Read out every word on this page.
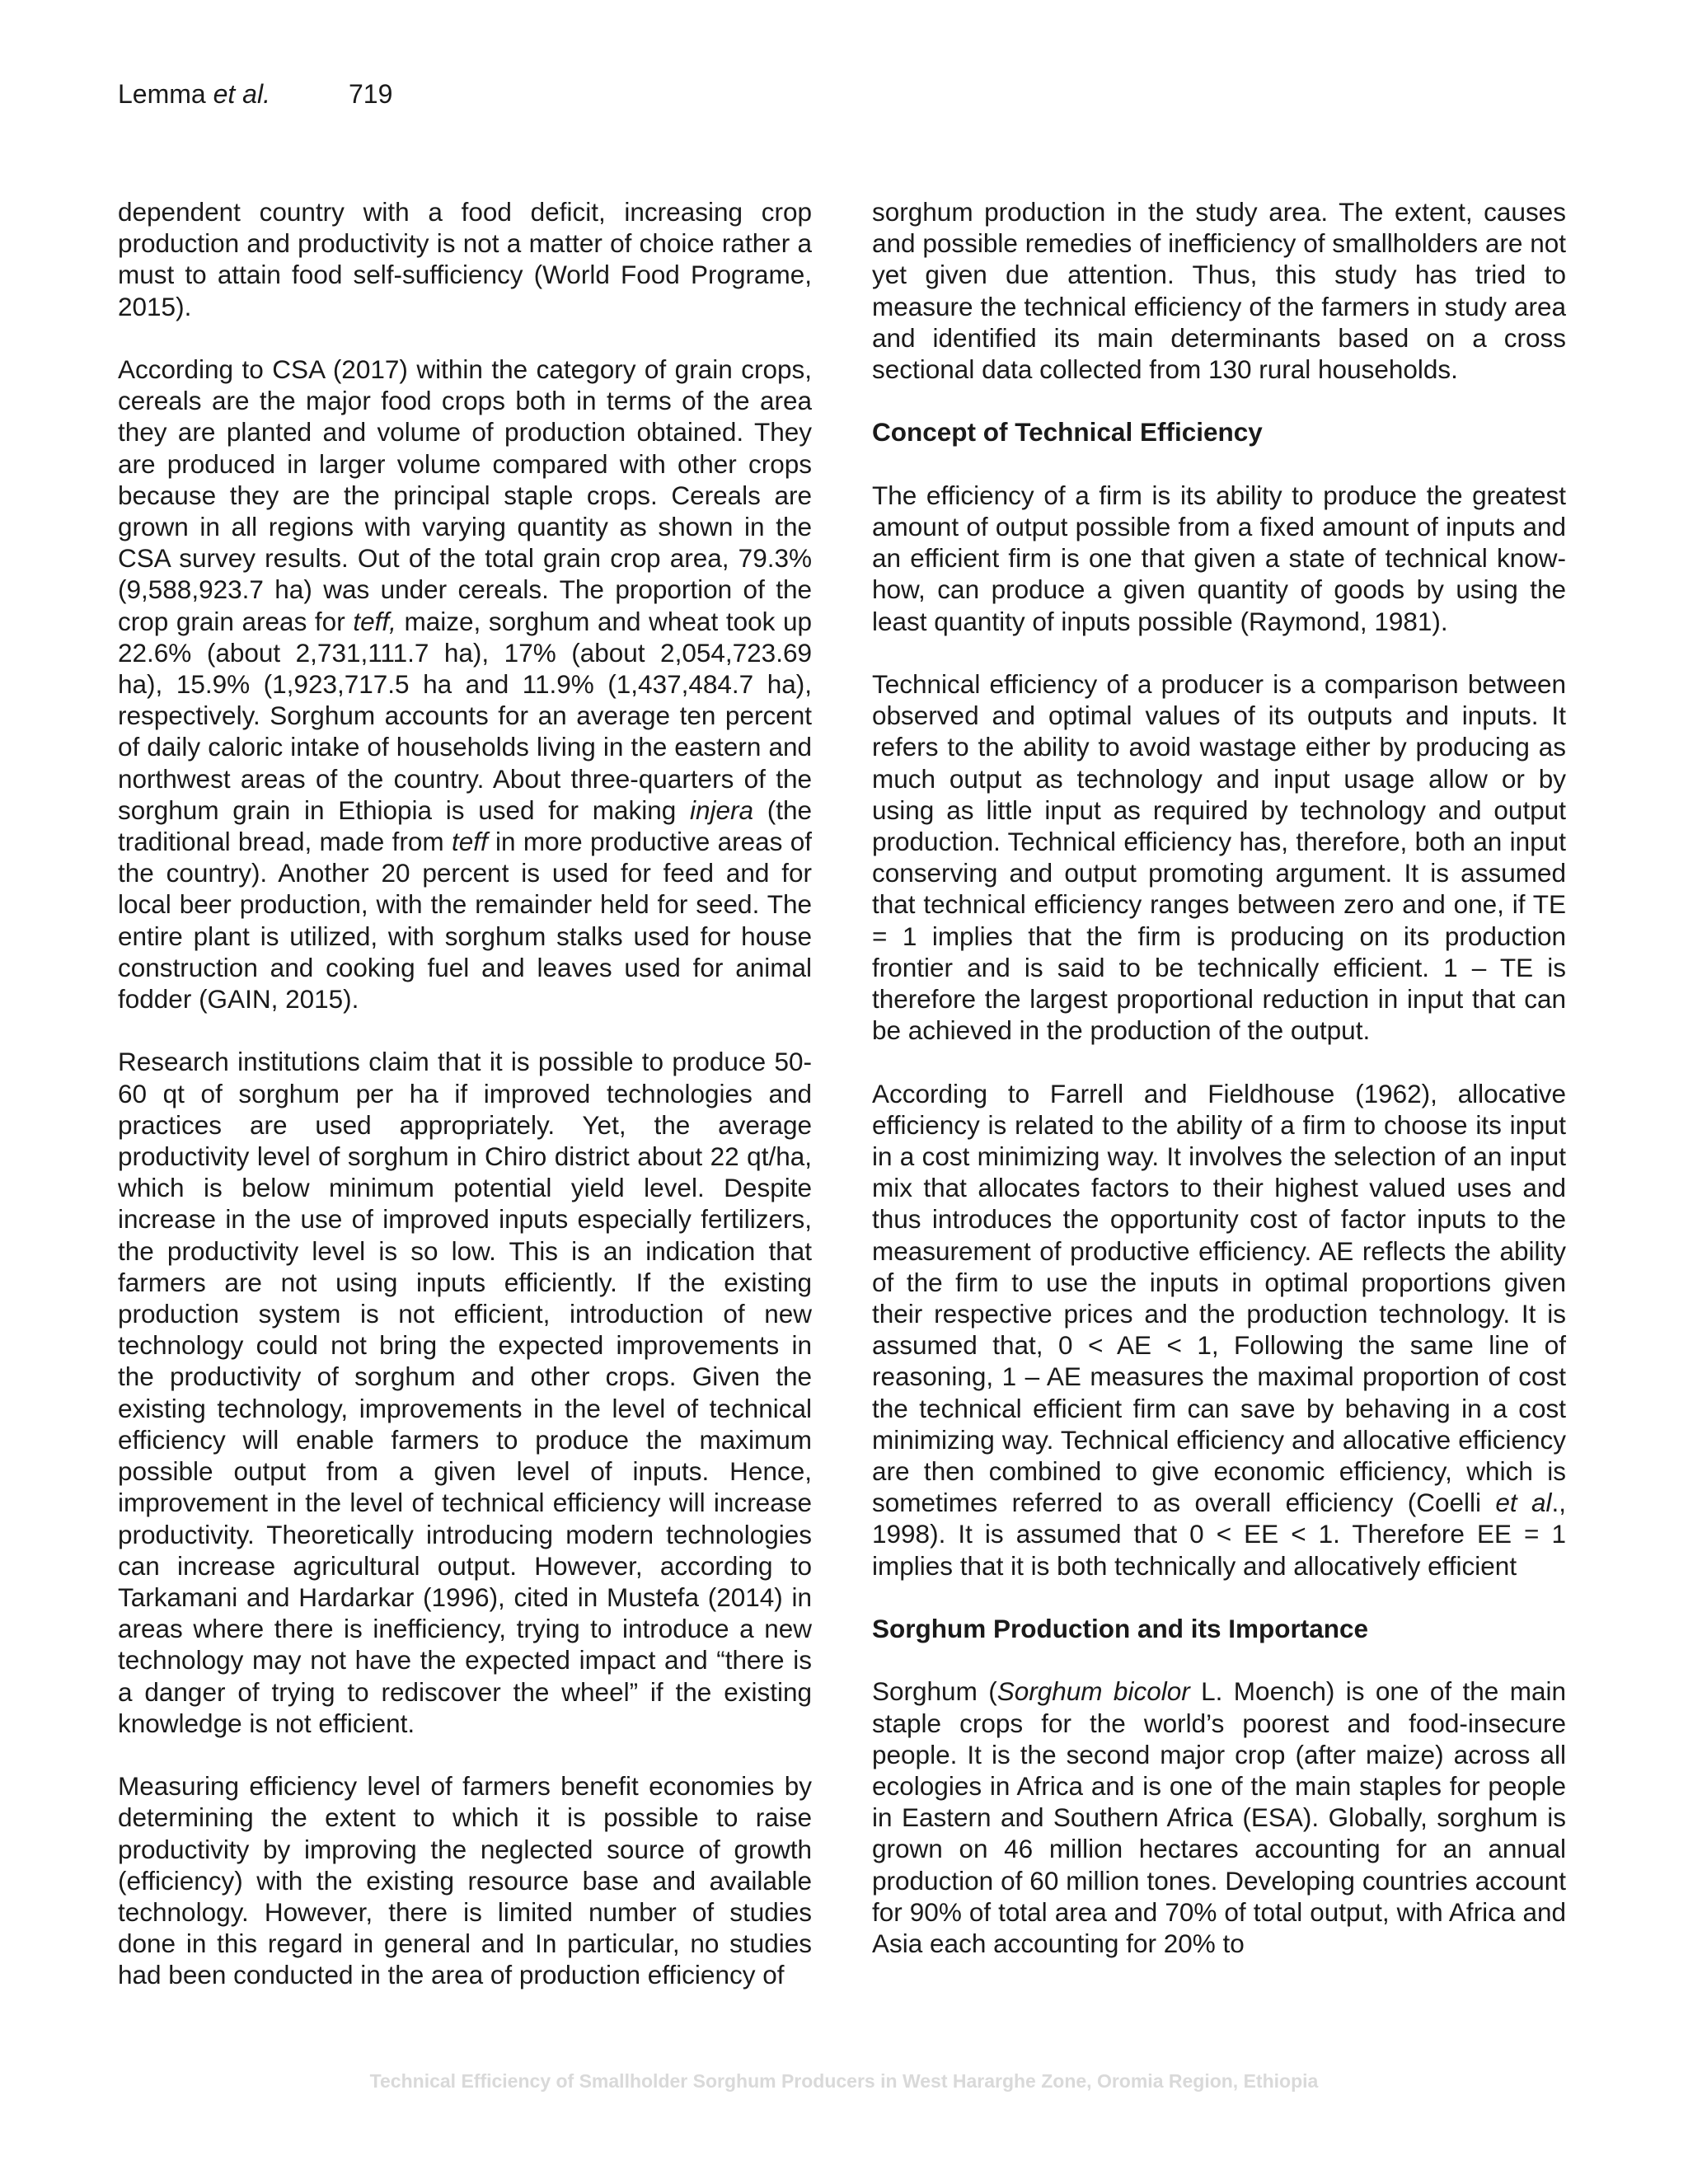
Lemma et al.	719

dependent country with a food deficit, increasing crop production and productivity is not a matter of choice rather a must to attain food self-sufficiency (World Food Programe, 2015).

According to CSA (2017) within the category of grain crops, cereals are the major food crops both in terms of the area they are planted and volume of production obtained. They are produced in larger volume compared with other crops because they are the principal staple crops. Cereals are grown in all regions with varying quantity as shown in the CSA survey results. Out of the total grain crop area, 79.3% (9,588,923.7 ha) was under cereals. The proportion of the crop grain areas for teff, maize, sorghum and wheat took up 22.6% (about 2,731,111.7 ha), 17% (about 2,054,723.69 ha), 15.9% (1,923,717.5 ha and 11.9% (1,437,484.7 ha), respectively. Sorghum accounts for an average ten percent of daily caloric intake of households living in the eastern and northwest areas of the country. About three-quarters of the sorghum grain in Ethiopia is used for making injera (the traditional bread, made from teff in more productive areas of the country). Another 20 percent is used for feed and for local beer production, with the remainder held for seed. The entire plant is utilized, with sorghum stalks used for house construction and cooking fuel and leaves used for animal fodder (GAIN, 2015).

Research institutions claim that it is possible to produce 50-60 qt of sorghum per ha if improved technologies and practices are used appropriately. Yet, the average productivity level of sorghum in Chiro district about 22 qt/ha, which is below minimum potential yield level. Despite increase in the use of improved inputs especially fertilizers, the productivity level is so low. This is an indication that farmers are not using inputs efficiently. If the existing production system is not efficient, introduction of new technology could not bring the expected improvements in the productivity of sorghum and other crops. Given the existing technology, improvements in the level of technical efficiency will enable farmers to produce the maximum possible output from a given level of inputs. Hence, improvement in the level of technical efficiency will increase productivity. Theoretically introducing modern technologies can increase agricultural output. However, according to Tarkamani and Hardarkar (1996), cited in Mustefa (2014) in areas where there is inefficiency, trying to introduce a new technology may not have the expected impact and “there is a danger of trying to rediscover the wheel” if the existing knowledge is not efficient.

Measuring efficiency level of farmers benefit economies by determining the extent to which it is possible to raise productivity by improving the neglected source of growth (efficiency) with the existing resource base and available technology. However, there is limited number of studies done in this regard in general and In particular, no studies had been conducted in the area of production efficiency of

sorghum production in the study area. The extent, causes and possible remedies of inefficiency of smallholders are not yet given due attention. Thus, this study has tried to measure the technical efficiency of the farmers in study area and identified its main determinants based on a cross sectional data collected from 130 rural households.

Concept of Technical Efficiency

The efficiency of a firm is its ability to produce the greatest amount of output possible from a fixed amount of inputs and an efficient firm is one that given a state of technical know-how, can produce a given quantity of goods by using the least quantity of inputs possible (Raymond, 1981).

Technical efficiency of a producer is a comparison between observed and optimal values of its outputs and inputs. It refers to the ability to avoid wastage either by producing as much output as technology and input usage allow or by using as little input as required by technology and output production. Technical efficiency has, therefore, both an input conserving and output promoting argument. It is assumed that technical efficiency ranges between zero and one, if TE = 1 implies that the firm is producing on its production frontier and is said to be technically efficient. 1 – TE is therefore the largest proportional reduction in input that can be achieved in the production of the output.

According to Farrell and Fieldhouse (1962), allocative efficiency is related to the ability of a firm to choose its input in a cost minimizing way. It involves the selection of an input mix that allocates factors to their highest valued uses and thus introduces the opportunity cost of factor inputs to the measurement of productive efficiency. AE reflects the ability of the firm to use the inputs in optimal proportions given their respective prices and the production technology. It is assumed that, 0 < AE < 1, Following the same line of reasoning, 1 – AE measures the maximal proportion of cost the technical efficient firm can save by behaving in a cost minimizing way. Technical efficiency and allocative efficiency are then combined to give economic efficiency, which is sometimes referred to as overall efficiency (Coelli et al., 1998). It is assumed that 0 < EE < 1. Therefore EE = 1 implies that it is both technically and allocatively efficient

Sorghum Production and its Importance

Sorghum (Sorghum bicolor L. Moench) is one of the main staple crops for the world’s poorest and food-insecure people. It is the second major crop (after maize) across all ecologies in Africa and is one of the main staples for people in Eastern and Southern Africa (ESA). Globally, sorghum is grown on 46 million hectares accounting for an annual production of 60 million tones. Developing countries account for 90% of total area and 70% of total output, with Africa and Asia each accounting for 20% to

Technical Efficiency of Smallholder Sorghum Producers in West Hararghe Zone, Oromia Region, Ethiopia
